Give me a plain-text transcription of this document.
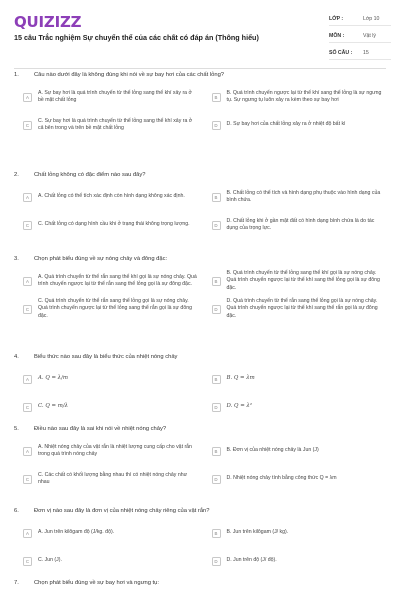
QUIZIZZ
15 câu Trắc nghiệm Sự chuyển thể của các chất có đáp án (Thông hiểu)
LỚP :	Lớp 10
MÔN :	Vật lý
SỐ CÂU :	15
1.	Câu nào dưới đây là không đúng khi nói về sự bay hơi của các chất lỏng?
A
A. Sự bay hơi là quá trình chuyển từ thể lỏng sang thể khí xảy ra ở bề mặt chất lỏng	B
B. Quá trình chuyển ngược lại từ thể khí sang thể lỏng là sự ngưng tụ. Sự ngưng tụ luôn xảy ra kèm theo sự bay hơi
C
C. Sự bay hơi là quá trình chuyển từ thể lỏng sang thể khí xảy ra ở cả bên trong và trên bề mặt chất lỏng	D	D. Sự bay hơi của chất lỏng xảy ra ở nhiệt độ bất kì
2.	Chất lỏng không có đặc điểm nào sau đây?
A	A. Chất lỏng có thể tích xác định còn hình dạng không xác định.	B
B. Chất lỏng có thể tích và hình dạng phụ thuộc vào hình dạng của bình chứa.
C	C. Chất lỏng có dạng hình cầu khi ở trạng thái không trọng lượng.	D
D. Chất lỏng khi ở gần mặt đất có hình dạng bình chứa là do tác dụng của trọng lực.
3.	Chọn phát biểu đúng về sự nóng chảy và đông đặc:
A
A. Quá trình chuyển từ thể rắn sang thể khí gọi là sự nóng chảy. Quá trình chuyển ngược lại từ thể rắn sang thể lỏng gọi là sự đông đặc.	B
B. Quá trình chuyển từ thể lỏng sang thể khí gọi là sự nóng chảy. Quá trình chuyển ngược lại từ thể khí sang thể lỏng gọi là sự đông đặc.
C
C. Quá trình chuyển từ thể rắn sang thể lỏng gọi là sự nóng chảy. Quá trình chuyển ngược lại từ thể lỏng sang thể rắn gọi là sự đông đặc.
D
D. Quá trình chuyển từ thể rắn sang thể lỏng gọi là sự nóng chảy. Quá trình chuyển ngược lại từ thể khí sang thể rắn gọi là sự đông đặc.
4.	Biểu thức nào sau đây là biểu thức của nhiệt nóng chảy
A	A. Q = λ/m	B	B. Q = λm
C	C. Q = m/λ	D	D. Q = λ²
5.	Điều nào sau đây là sai khi nói về nhiệt nóng chảy?
A
A. Nhiệt nóng chảy của vật rắn là nhiệt lượng cung cấp cho vật rắn trong quá trình nóng chảy	B	B. Đơn vị của nhiệt nóng chảy là Jun (J)
C
C. Các chất có khối lượng bằng nhau thì có nhiệt nóng chảy như nhau	D	D. Nhiệt nóng chảy tính bằng công thức Q = λm
6.	Đơn vị nào sau đây là đơn vị của nhiệt nóng chảy riêng của vật rắn?
A	A. Jun trên kilôgam độ (J/kg. độ).	B	B. Jun trên kilôgam (J/ kg).
C	C. Jun (J).	D	D. Jun trên độ (J/ độ).
7.	Chọn phát biểu đúng về sự bay hơi và ngưng tụ:
